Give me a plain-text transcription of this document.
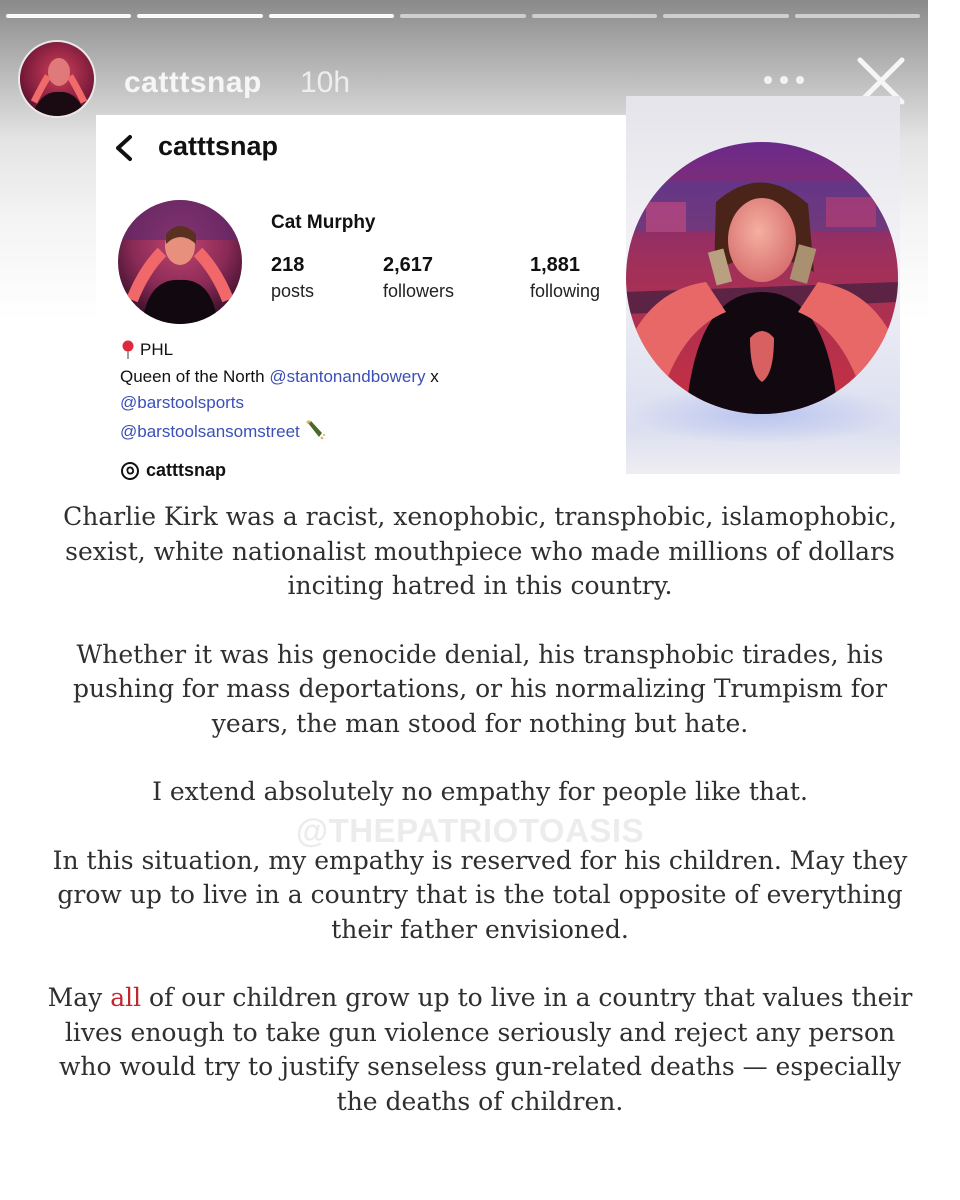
catttsnap 10h
catttsnap
Cat Murphy
218
posts
2,617
followers
1,881
following
PHL
Queen of the North @stantonandbowery x
@barstoolsports
@barstoolsansomstreet
catttsnap

Charlie Kirk was a racist, xenophobic, transphobic, islamophobic, sexist, white nationalist mouthpiece who made millions of dollars inciting hatred in this country.

Whether it was his genocide denial, his transphobic tirades, his pushing for mass deportations, or his normalizing Trumpism for years, the man stood for nothing but hate.

I extend absolutely no empathy for people like that.

In this situation, my empathy is reserved for his children. May they grow up to live in a country that is the total opposite of everything their father envisioned.

May all of our children grow up to live in a country that values their lives enough to take gun violence seriously and reject any person who would try to justify senseless gun-related deaths — especially the deaths of children.

@THEPATRIOTOASIS
